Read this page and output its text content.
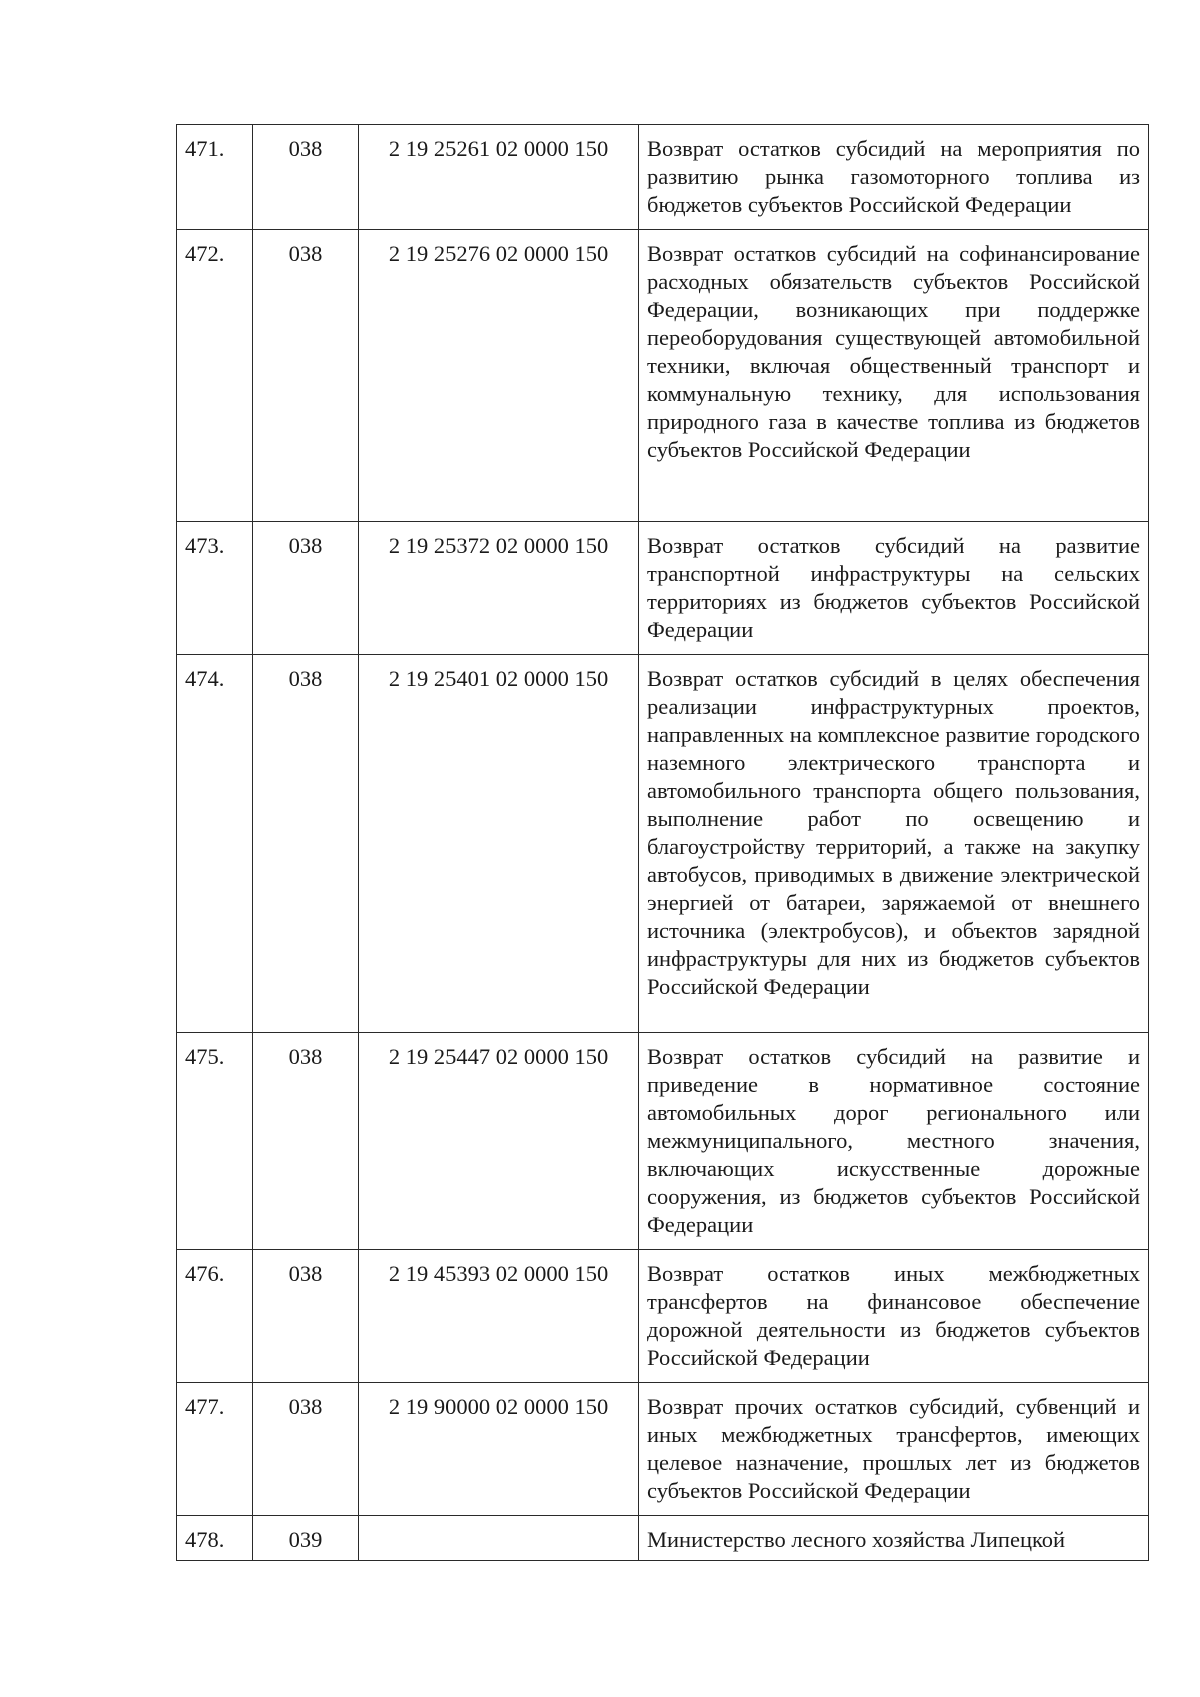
471.	038	2 19 25261 02 0000 150	Возврат остатков субсидий на мероприятия по развитию рынка газомоторного топлива из бюджетов субъектов Российской Федерации
472.	038	2 19 25276 02 0000 150	Возврат остатков субсидий на софинансирование расходных обязательств субъектов Российской Федерации, возникающих при поддержке переоборудования существующей автомобильной техники, включая общественный транспорт и коммунальную технику, для использования природного газа в качестве топлива из бюджетов субъектов Российской Федерации
473.	038	2 19 25372 02 0000 150	Возврат остатков субсидий на развитие транспортной инфраструктуры на сельских территориях из бюджетов субъектов Российской Федерации
474.	038	2 19 25401 02 0000 150	Возврат остатков субсидий в целях обеспечения реализации инфраструктурных проектов, направленных на комплексное развитие городского наземного электрического транспорта и автомобильного транспорта общего пользования, выполнение работ по освещению и благоустройству территорий, а также на закупку автобусов, приводимых в движение электрической энергией от батареи, заряжаемой от внешнего источника (электробусов), и объектов зарядной инфраструктуры для них из бюджетов субъектов Российской Федерации
475.	038	2 19 25447 02 0000 150	Возврат остатков субсидий на развитие и приведение в нормативное состояние автомобильных дорог регионального или межмуниципального, местного значения, включающих искусственные дорожные сооружения, из бюджетов субъектов Российской Федерации
476.	038	2 19 45393 02 0000 150	Возврат остатков иных межбюджетных трансфертов на финансовое обеспечение дорожной деятельности из бюджетов субъектов Российской Федерации
477.	038	2 19 90000 02 0000 150	Возврат прочих остатков субсидий, субвенций и иных межбюджетных трансфертов, имеющих целевое назначение, прошлых лет из бюджетов субъектов Российской Федерации
478.	039		Министерство лесного хозяйства Липецкой
